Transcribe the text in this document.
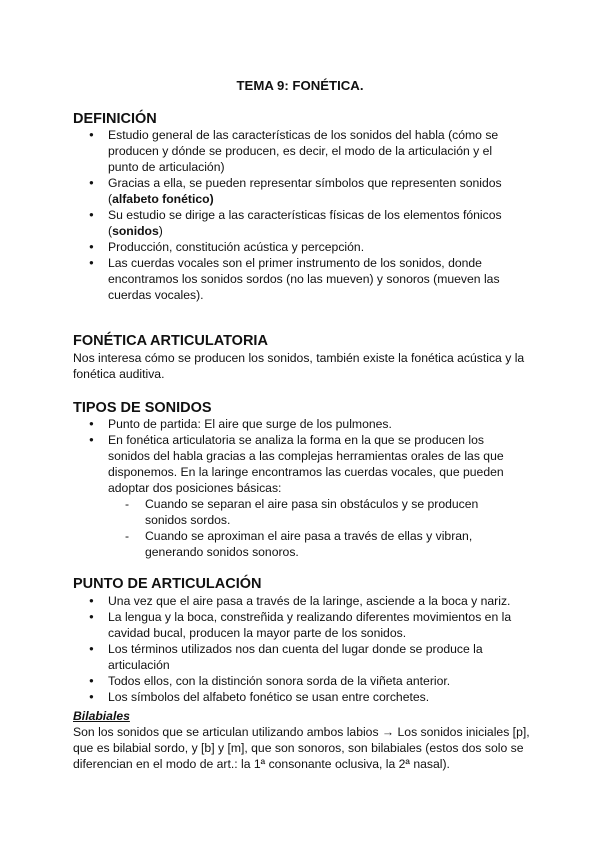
TEMA 9: FONÉTICA.
DEFINICIÓN
● Estudio general de las características de los sonidos del habla (cómo se producen y dónde se producen, es decir, el modo de la articulación y el punto de articulación)
● Gracias a ella, se pueden representar símbolos que representen sonidos (alfabeto fonético)
● Su estudio se dirige a las características físicas de los elementos fónicos (sonidos)
● Producción, constitución acústica y percepción.
● Las cuerdas vocales son el primer instrumento de los sonidos, donde encontramos los sonidos sordos (no las mueven) y sonoros (mueven las cuerdas vocales).
FONÉTICA ARTICULATORIA
Nos interesa cómo se producen los sonidos, también existe la fonética acústica y la fonética auditiva.
TIPOS DE SONIDOS
● Punto de partida: El aire que surge de los pulmones.
● En fonética articulatoria se analiza la forma en la que se producen los sonidos del habla gracias a las complejas herramientas orales de las que disponemos. En la laringe encontramos las cuerdas vocales, que pueden adoptar dos posiciones básicas:
- Cuando se separan el aire pasa sin obstáculos y se producen sonidos sordos.
- Cuando se aproximan el aire pasa a través de ellas y vibran, generando sonidos sonoros.
PUNTO DE ARTICULACIÓN
● Una vez que el aire pasa a través de la laringe, asciende a la boca y nariz.
● La lengua y la boca, constreñida y realizando diferentes movimientos en la cavidad bucal, producen la mayor parte de los sonidos.
● Los términos utilizados nos dan cuenta del lugar donde se produce la articulación
● Todos ellos, con la distinción sonora sorda de la viñeta anterior.
● Los símbolos del alfabeto fonético se usan entre corchetes.
Bilabiales
Son los sonidos que se articulan utilizando ambos labios → Los sonidos iniciales [p], que es bilabial sordo, y [b] y [m], que son sonoros, son bilabiales (estos dos solo se diferencian en el modo de art.: la 1ª consonante oclusiva, la 2ª nasal).
